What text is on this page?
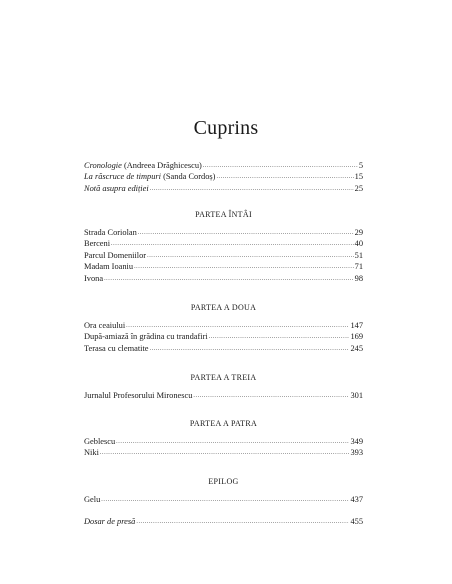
Cuprins
Cronologie (Andreea Drăghicescu) .....	5
La răscruce de timpuri (Sanda Cordoș) .....	15
Notă asupra ediției .....	25
PARTEA ÎNTÂI
Strada Coriolan .....	29
Berceni .....	40
Parcul Domeniilor .....	51
Madam Ioaniu .....	71
Ivona .....	98
PARTEA A DOUA
Ora ceaiului .....	147
După-amiază în grădina cu trandafiri .....	169
Terasa cu clematite .....	245
PARTEA A TREIA
Jurnalul Profesorului Mironescu .....	301
PARTEA A PATRA
Geblescu .....	349
Niki .....	393
EPILOG
Gelu .....	437
Dosar de presă .....	455
